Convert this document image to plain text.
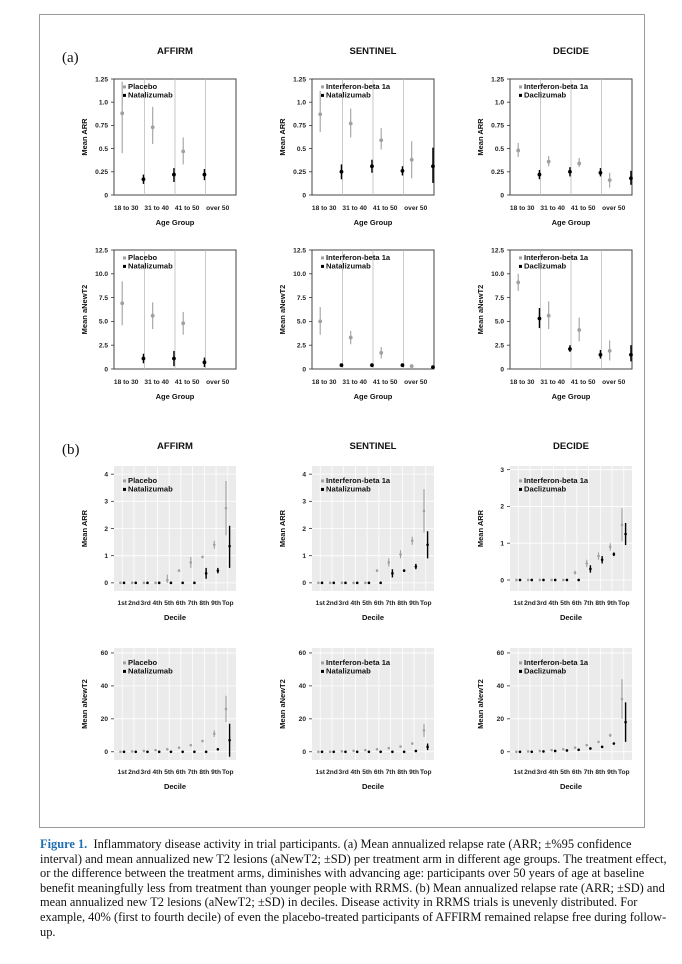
(a)
(b)
AFFIRM
0
0.25
0.5
0.75
1.0
1.25
18 to 30 31 to 40 41 to 50 over 50
Age Group
Mean ARR
Placebo
Natalizumab
SENTINEL
0
0.25
0.5
0.75
1.0
1.25
18 to 30 31 to 40 41 to 50 over 50
Age Group
Mean ARR
Interferon-beta 1a
Natalizumab
DECIDE
0
0.25
0.5
0.75
1.0
1.25
18 to 30 31 to 40 41 to 50 over 50
Age Group
Mean ARR
Interferon-beta 1a
Daclizumab
0
2.5
5.0
7.5
10.0
12.5
18 to 30 31 to 40 41 to 50 over 50
Age Group
Mean aNewT2
Placebo
Natalizumab
0
2.5
5.0
7.5
10.0
12.5
18 to 30 31 to 40 41 to 50 over 50
Age Group
Mean aNewT2
Interferon-beta 1a
Natalizumab
0
2.5
5.0
7.5
10.0
12.5
18 to 30 31 to 40 41 to 50 over 50
Age Group
Mean aNewT2
Interferon-beta 1a
Daclizumab
AFFIRM
0
1
2
3
4
1st 2nd 3rd 4th 5th 6th 7th 8th 9th Top
Decile
Mean ARR
Placebo
Natalizumab
SENTINEL
0
1
2
3
4
1st 2nd 3rd 4th 5th 6th 7th 8th 9th Top
Decile
Mean ARR
Interferon-beta 1a
Natalizumab
DECIDE
0
1
2
3
1st 2nd 3rd 4th 5th 6th 7th 8th 9th Top
Decile
Mean ARR
Interferon-beta 1a
Daclizumab
0
20
40
60
1st 2nd 3rd 4th 5th 6th 7th 8th 9th Top
Decile
Mean aNewT2
Placebo
Natalizumab
0
20
40
60
1st 2nd 3rd 4th 5th 6th 7th 8th 9th Top
Decile
Mean aNewT2
Interferon-beta 1a
Natalizumab
0
20
40
60
1st 2nd 3rd 4th 5th 6th 7th 8th 9th Top
Decile
Mean aNewT2
Interferon-beta 1a
Daclizumab
Figure 1. Inflammatory disease activity in trial participants. (a) Mean annualized relapse rate (ARR; ±%95 confidence interval) and mean annualized new T2 lesions (aNewT2; ±SD) per treatment arm in different age groups. The treatment effect, or the difference between the treatment arms, diminishes with advancing age: participants over 50 years of age at baseline benefit meaningfully less from treatment than younger people with RRMS. (b) Mean annualized relapse rate (ARR; ±SD) and mean annualized new T2 lesions (aNewT2; ±SD) in deciles. Disease activity in RRMS trials is unevenly distributed. For example, 40% (first to fourth decile) of even the placebo-treated participants of AFFIRM remained relapse free during follow-up.
